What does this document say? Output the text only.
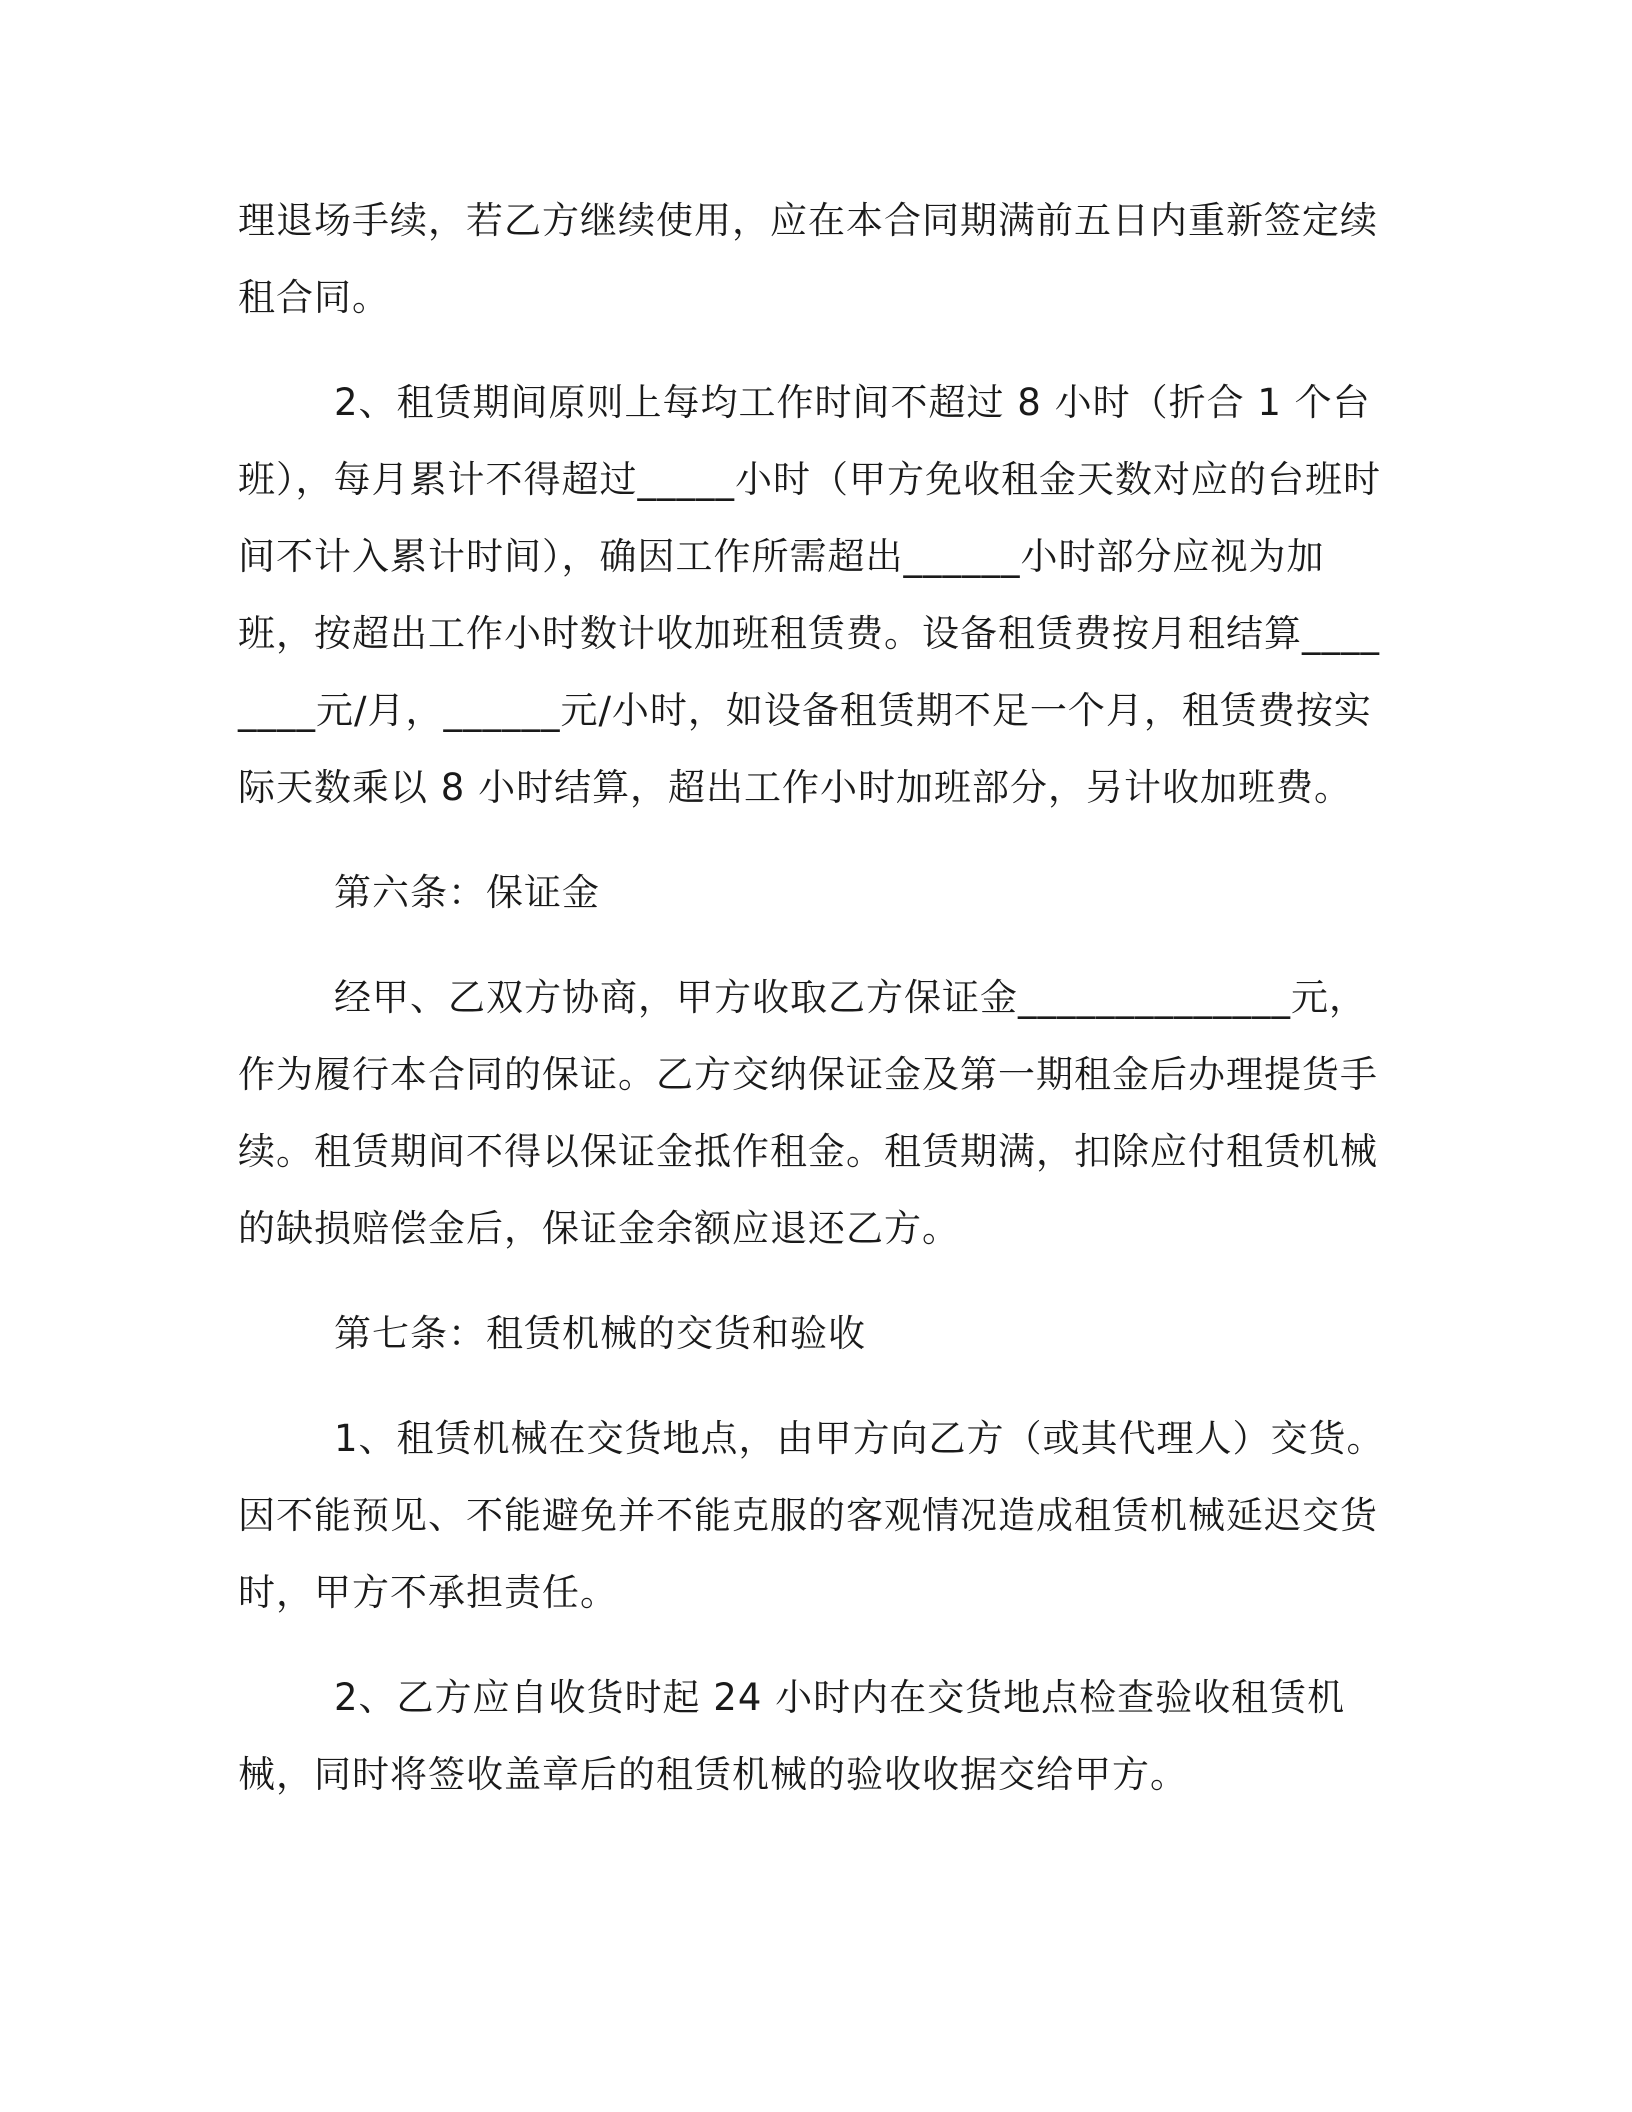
理退场手续，若乙方继续使用，应在本合同期满前五日内重新签定续租合同。

2、租赁期间原则上每均工作时间不超过 8 小时（折合 1 个台班），每月累计不得超过_____小时（甲方免收租金天数对应的台班时间不计入累计时间），确因工作所需超出______小时部分应视为加班，按超出工作小时数计收加班租赁费。设备租赁费按月租结算________元/月，______元/小时，如设备租赁期不足一个月，租赁费按实际天数乘以 8 小时结算，超出工作小时加班部分，另计收加班费。

第六条：保证金

经甲、乙双方协商，甲方收取乙方保证金______________元，作为履行本合同的保证。乙方交纳保证金及第一期租金后办理提货手续。租赁期间不得以保证金抵作租金。租赁期满，扣除应付租赁机械的缺损赔偿金后，保证金余额应退还乙方。

第七条：租赁机械的交货和验收

1、租赁机械在交货地点，由甲方向乙方（或其代理人）交货。因不能预见、不能避免并不能克服的客观情况造成租赁机械延迟交货时，甲方不承担责任。

2、乙方应自收货时起 24 小时内在交货地点检查验收租赁机械，同时将签收盖章后的租赁机械的验收收据交给甲方。
